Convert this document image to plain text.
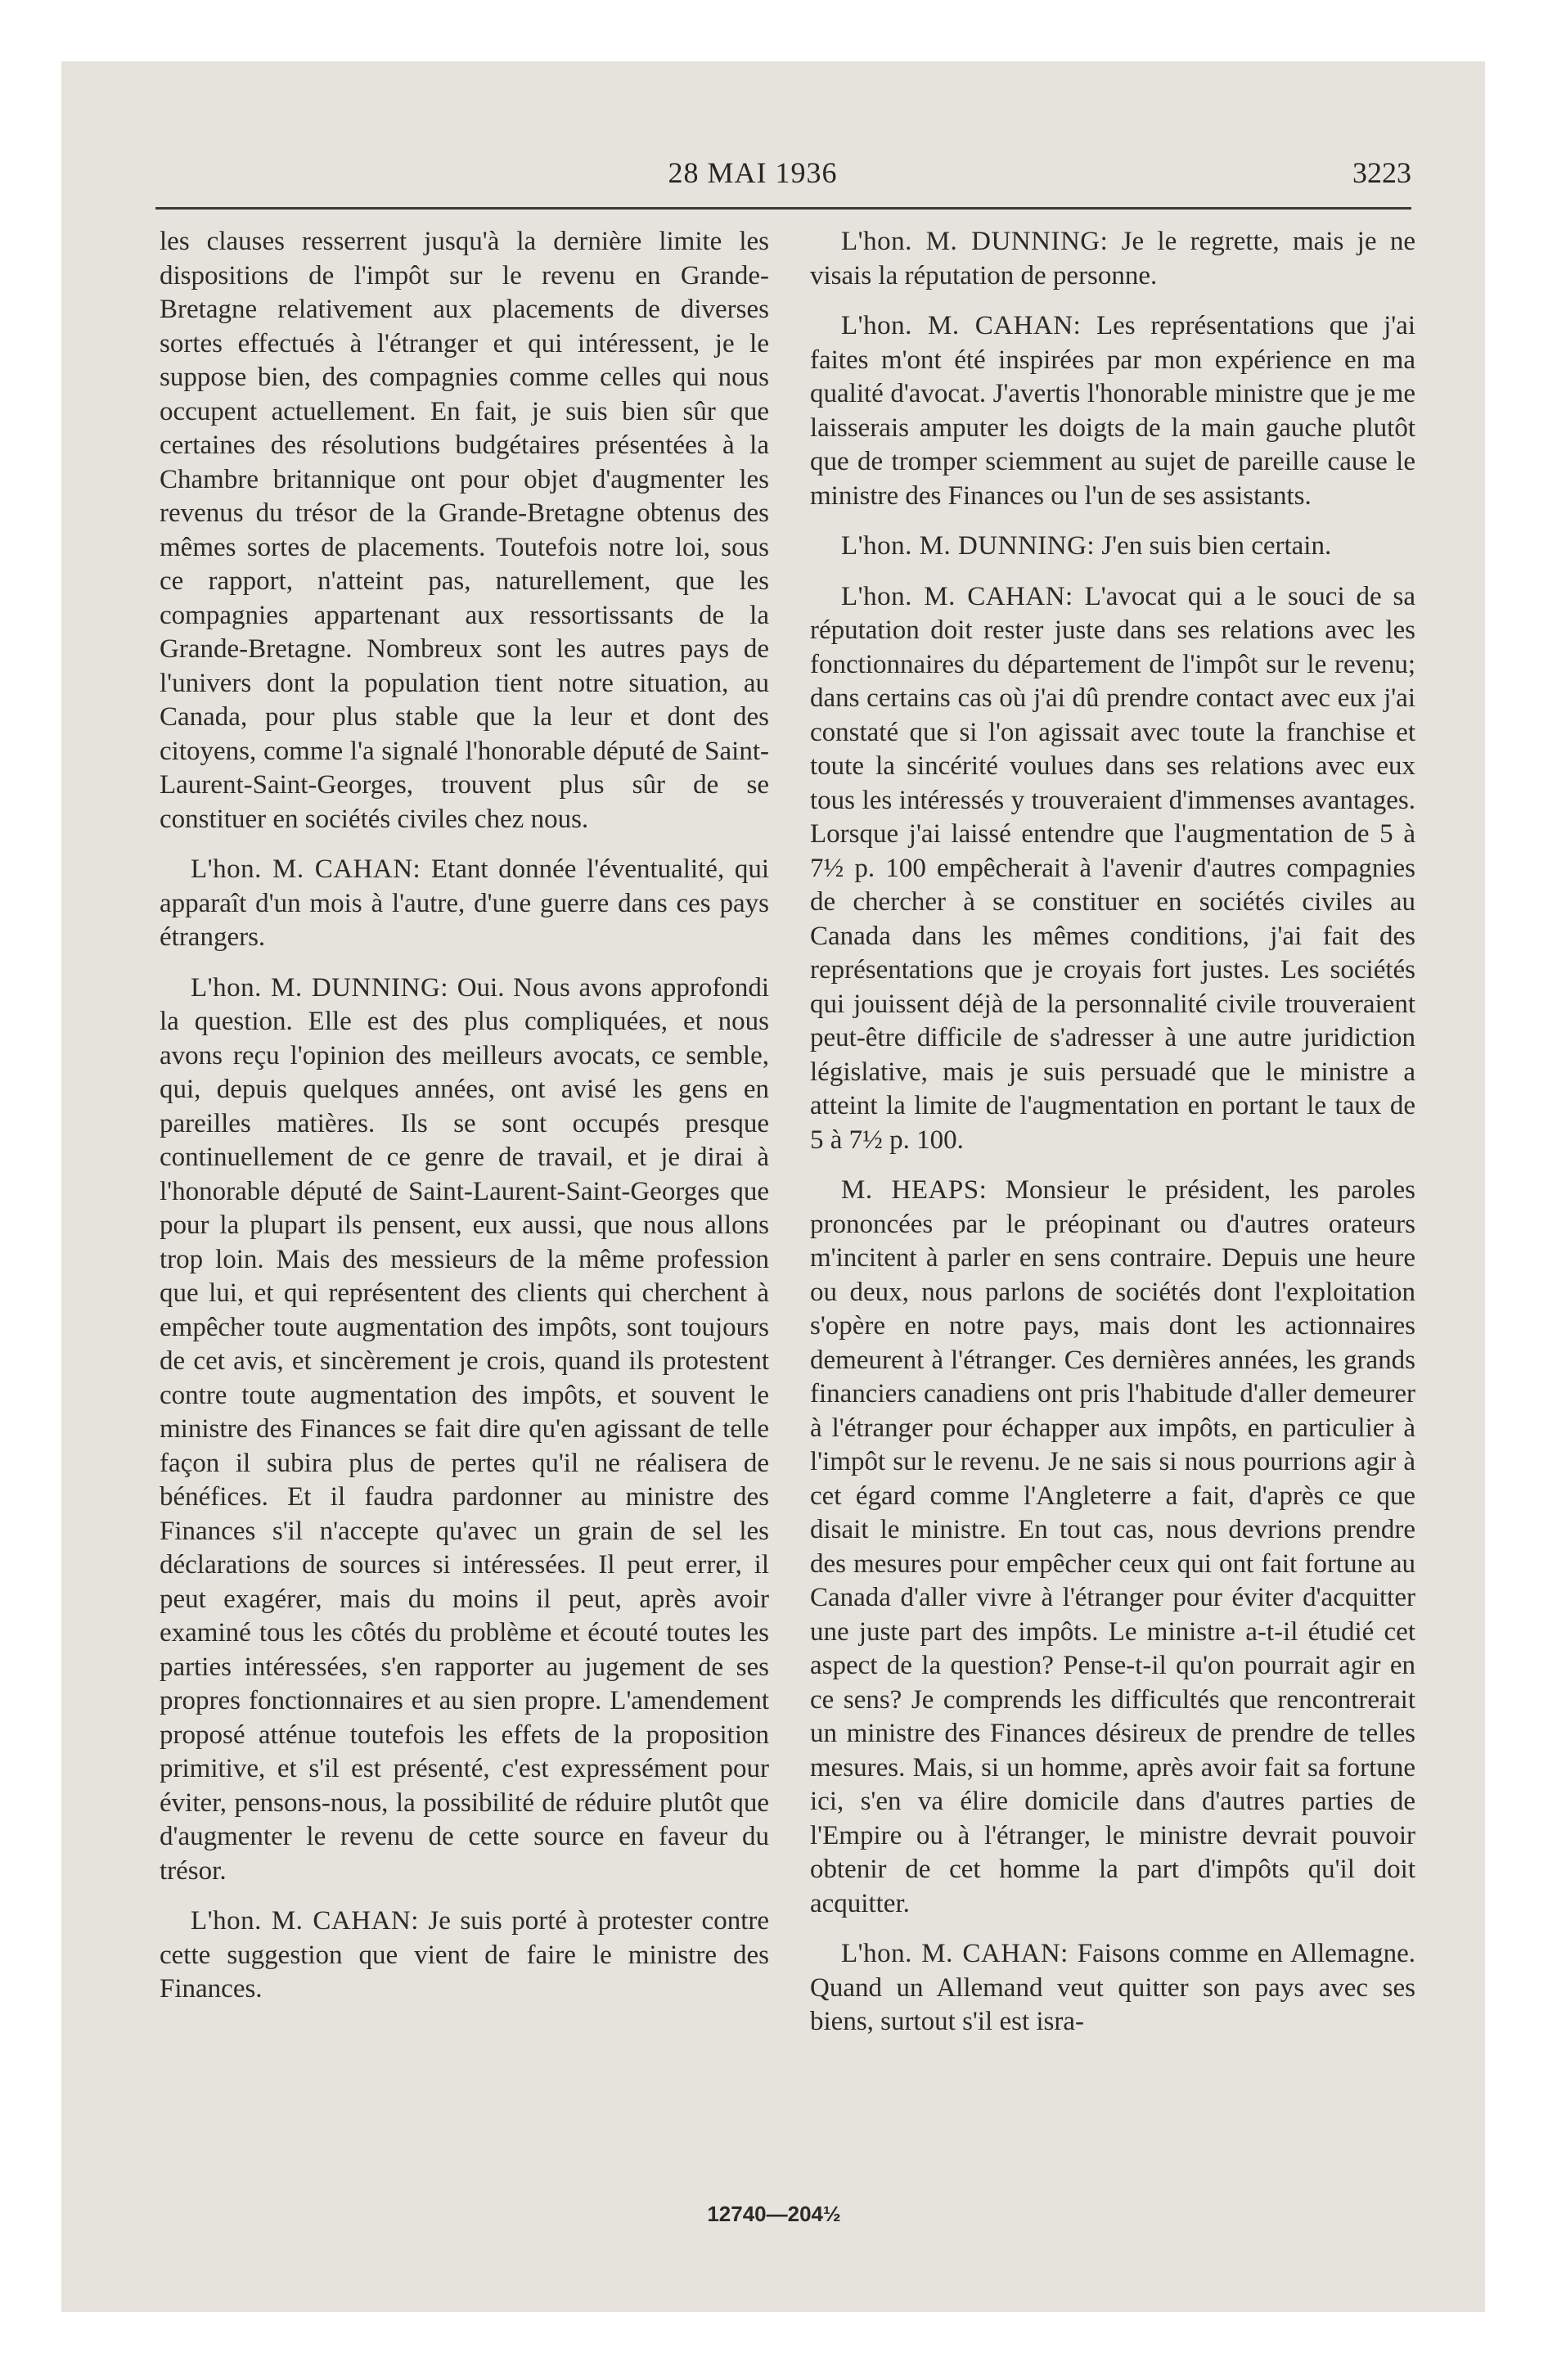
28 MAI 1936	3223

les clauses resserrent jusqu'à la dernière limite les dispositions de l'impôt sur le revenu en Grande-Bretagne relativement aux placements de diverses sortes effectués à l'étranger et qui intéressent, je le suppose bien, des compagnies comme celles qui nous occupent actuellement. En fait, je suis bien sûr que certaines des résolutions budgétaires présentées à la Chambre britannique ont pour objet d'augmenter les revenus du trésor de la Grande-Bretagne obtenus des mêmes sortes de placements. Toutefois notre loi, sous ce rapport, n'atteint pas, naturellement, que les compagnies appartenant aux ressortissants de la Grande-Bretagne. Nombreux sont les autres pays de l'univers dont la population tient notre situation, au Canada, pour plus stable que la leur et dont des citoyens, comme l'a signalé l'honorable député de Saint-Laurent-Saint-Georges, trouvent plus sûr de se constituer en sociétés civiles chez nous.

L'hon. M. CAHAN: Etant donnée l'éventualité, qui apparaît d'un mois à l'autre, d'une guerre dans ces pays étrangers.

L'hon. M. DUNNING: Oui. Nous avons approfondi la question. Elle est des plus compliquées, et nous avons reçu l'opinion des meilleurs avocats, ce semble, qui, depuis quelques années, ont avisé les gens en pareilles matières. Ils se sont occupés presque continuellement de ce genre de travail, et je dirai à l'honorable député de Saint-Laurent-Saint-Georges que pour la plupart ils pensent, eux aussi, que nous allons trop loin. Mais des messieurs de la même profession que lui, et qui représentent des clients qui cherchent à empêcher toute augmentation des impôts, sont toujours de cet avis, et sincèrement je crois, quand ils protestent contre toute augmentation des impôts, et souvent le ministre des Finances se fait dire qu'en agissant de telle façon il subira plus de pertes qu'il ne réalisera de bénéfices. Et il faudra pardonner au ministre des Finances s'il n'accepte qu'avec un grain de sel les déclarations de sources si intéressées. Il peut errer, il peut exagérer, mais du moins il peut, après avoir examiné tous les côtés du problème et écouté toutes les parties intéressées, s'en rapporter au jugement de ses propres fonctionnaires et au sien propre. L'amendement proposé atténue toutefois les effets de la proposition primitive, et s'il est présenté, c'est expressément pour éviter, pensons-nous, la possibilité de réduire plutôt que d'augmenter le revenu de cette source en faveur du trésor.

L'hon. M. CAHAN: Je suis porté à protester contre cette suggestion que vient de faire le ministre des Finances.

L'hon. M. DUNNING: Je le regrette, mais je ne visais la réputation de personne.

L'hon. M. CAHAN: Les représentations que j'ai faites m'ont été inspirées par mon expérience en ma qualité d'avocat. J'avertis l'honorable ministre que je me laisserais amputer les doigts de la main gauche plutôt que de tromper sciemment au sujet de pareille cause le ministre des Finances ou l'un de ses assistants.

L'hon. M. DUNNING: J'en suis bien certain.

L'hon. M. CAHAN: L'avocat qui a le souci de sa réputation doit rester juste dans ses relations avec les fonctionnaires du département de l'impôt sur le revenu; dans certains cas où j'ai dû prendre contact avec eux j'ai constaté que si l'on agissait avec toute la franchise et toute la sincérité voulues dans ses relations avec eux tous les intéressés y trouveraient d'immenses avantages. Lorsque j'ai laissé entendre que l'augmentation de 5 à 7½ p. 100 empêcherait à l'avenir d'autres compagnies de chercher à se constituer en sociétés civiles au Canada dans les mêmes conditions, j'ai fait des représentations que je croyais fort justes. Les sociétés qui jouissent déjà de la personnalité civile trouveraient peut-être difficile de s'adresser à une autre juridiction législative, mais je suis persuadé que le ministre a atteint la limite de l'augmentation en portant le taux de 5 à 7½ p. 100.

M. HEAPS: Monsieur le président, les paroles prononcées par le préopinant ou d'autres orateurs m'incitent à parler en sens contraire. Depuis une heure ou deux, nous parlons de sociétés dont l'exploitation s'opère en notre pays, mais dont les actionnaires demeurent à l'étranger. Ces dernières années, les grands financiers canadiens ont pris l'habitude d'aller demeurer à l'étranger pour échapper aux impôts, en particulier à l'impôt sur le revenu. Je ne sais si nous pourrions agir à cet égard comme l'Angleterre a fait, d'après ce que disait le ministre. En tout cas, nous devrions prendre des mesures pour empêcher ceux qui ont fait fortune au Canada d'aller vivre à l'étranger pour éviter d'acquitter une juste part des impôts. Le ministre a-t-il étudié cet aspect de la question? Pense-t-il qu'on pourrait agir en ce sens? Je comprends les difficultés que rencontrerait un ministre des Finances désireux de prendre de telles mesures. Mais, si un homme, après avoir fait sa fortune ici, s'en va élire domicile dans d'autres parties de l'Empire ou à l'étranger, le ministre devrait pouvoir obtenir de cet homme la part d'impôts qu'il doit acquitter.

L'hon. M. CAHAN: Faisons comme en Allemagne. Quand un Allemand veut quitter son pays avec ses biens, surtout s'il est isra-

12740—204½
